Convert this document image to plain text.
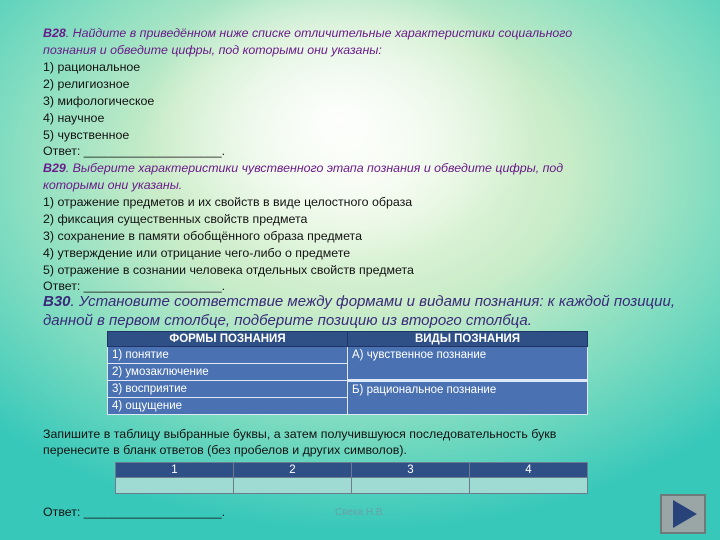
В28. Найдите в приведённом ниже списке отличительные характеристики социального
познания и обведите цифры, под которыми они указаны:
1) рациональное
2) религиозное
3) мифологическое
4) научное
5) чувственное
Ответ: ____________________.
В29. Выберите характеристики чувственного этапа познания и обведите цифры, под
которыми они указаны.
1) отражение предметов и их свойств в виде целостного образа
2) фиксация существенных свойств предмета
3) сохранение в памяти обобщённого образа предмета
4) утверждение или отрицание чего-либо о предмете
5) отражение в сознании человека отдельных свойств предмета
Ответ: ____________________.
В30. Установите соответствие между формами и видами познания: к каждой позиции, данной в первом столбце, подберите позицию из второго столбца.
ФОРМЫ ПОЗНАНИЯ	ВИДЫ ПОЗНАНИЯ
1) понятие	А) чувственное познание
2) умозаключение	
3) восприятие	Б) рациональное познание
4) ощущение	
Запишите в таблицу выбранные буквы, а затем получившуюся последовательность букв
перенесите в бланк ответов (без пробелов и других символов).
1	2	3	4

Ответ: ____________________.	Свека Н.В.
